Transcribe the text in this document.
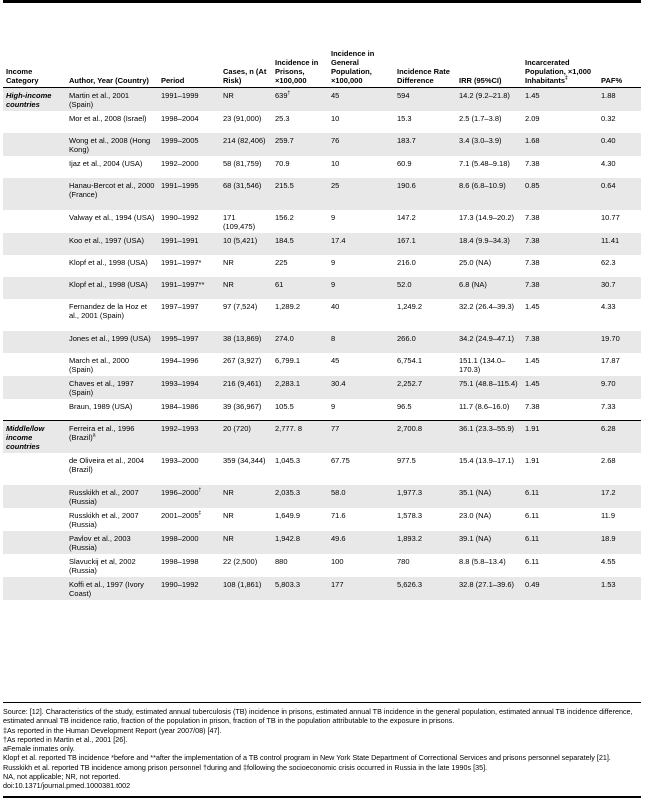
Income Category	Author, Year (Country)	Period	Cases, n (At Risk)	Incidence in Prisons, ×100,000	Incidence in General Population, ×100,000	Incidence Rate Difference	IRR (95%CI)	Incarcerated Population, ×1,000 Inhabitants‡	PAF%
High-income countries	Martin et al., 2001 (Spain)	1991–1999	NR	639†	45	594	14.2 (9.2–21.8)	1.45	1.88
	Mor et al., 2008 (Israel)	1998–2004	23 (91,000)	25.3	10	15.3	2.5 (1.7–3.8)	2.09	0.32
	Wong et al., 2008 (Hong Kong)	1999–2005	214 (82,406)	259.7	76	183.7	3.4 (3.0–3.9)	1.68	0.40
	Ijaz et al., 2004 (USA)	1992–2000	58 (81,759)	70.9	10	60.9	7.1 (5.48–9.18)	7.38	4.30
	Hanau-Bercot et al., 2000 (France)	1991–1995	68 (31,546)	215.5	25	190.6	8.6 (6.8–10.9)	0.85	0.64
	Valway et al., 1994 (USA)	1990–1992	171 (109,475)	156.2	9	147.2	17.3 (14.9–20.2)	7.38	10.77
	Koo et al., 1997 (USA)	1991–1991	10 (5,421)	184.5	17.4	167.1	18.4 (9.9–34.3)	7.38	11.41
	Klopf et al., 1998 (USA)	1991–1997*	NR	225	9	216.0	25.0 (NA)	7.38	62.3
	Klopf et al., 1998 (USA)	1991–1997**	NR	61	9	52.0	6.8 (NA)	7.38	30.7
	Fernandez de la Hoz et al., 2001 (Spain)	1997–1997	97 (7,524)	1,289.2	40	1,249.2	32.2 (26.4–39.3)	1.45	4.33
	Jones et al., 1999 (USA)	1995–1997	38 (13,869)	274.0	8	266.0	34.2 (24.9–47.1)	7.38	19.70
	March et al., 2000 (Spain)	1994–1996	267 (3,927)	6,799.1	45	6,754.1	151.1 (134.0–170.3)	1.45	17.87
	Chaves et al., 1997 (Spain)	1993–1994	216 (9,461)	2,283.1	30.4	2,252.7	75.1 (48.8–115.4)	1.45	9.70
	Braun, 1989 (USA)	1984–1986	39 (36,967)	105.5	9	96.5	11.7 (8.6–16.0)	7.38	7.33
Middle/low income countries	Ferreira et al., 1996 (Brazil)$^a$	1992–1993	20 (720)	2,777. 8	77	2,700.8	36.1 (23.3–55.9)	1.91	6.28
	de Oliveira et al., 2004 (Brazil)	1993–2000	359 (34,344)	1,045.3	67.75	977.5	15.4 (13.9–17.1)	1.91	2.68
	Russkikh et al., 2007 (Russia)	1996–2000†	NR	2,035.3	58.0	1,977.3	35.1 (NA)	6.11	17.2
	Russkikh et al., 2007 (Russia)	2001–2005‡	NR	1,649.9	71.6	1,578.3	23.0 (NA)	6.11	11.9
	Pavlov et al., 2003 (Russia)	1998–2000	NR	1,942.8	49.6	1,893.2	39.1 (NA)	6.11	18.9
	Slavuckij et al, 2002 (Russia)	1998–1998	22 (2,500)	880	100	780	8.8 (5.8–13.4)	6.11	4.55
	Koffi et al., 1997 (Ivory Coast)	1990–1992	108 (1,861)	5,803.3	177	5,626.3	32.8 (27.1–39.6)	0.49	1.53

Source: [12]. Characteristics of the study, estimated annual tuberculosis (TB) incidence in prisons, estimated annual TB incidence in the general population, estimated annual TB incidence difference, estimated annual TB incidence ratio, fraction of the population in prison, fraction of TB in the population attributable to the exposure in prisons.

‡As reported in the Human Development Report (year 2007/08) [47].

†As reported in Martin et al., 2001 [26].

aFemale inmates only.

Klopf et al. reported TB incidence *before and **after the implementation of a TB control program in New York State Department of Correctional Services and prisons personnel separately [21].

Russkikh et al. reported TB incidence among prison personnel †during and ‡following the socioeconomic crisis occurred in Russia in the late 1990s [35].

NA, not applicable; NR, not reported.

doi:10.1371/journal.pmed.1000381.t002
